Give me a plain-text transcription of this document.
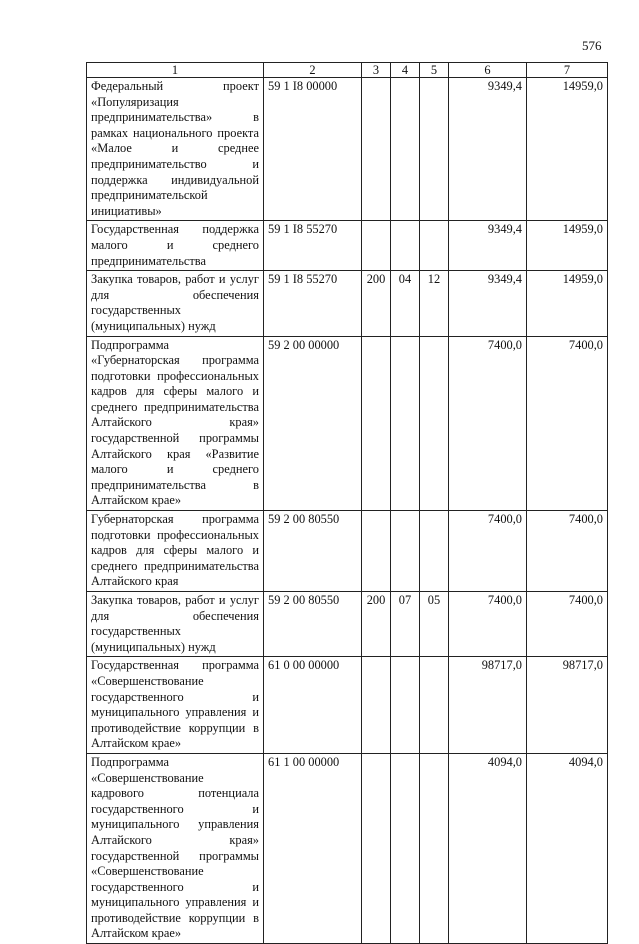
576
1	2	3	4	5	6	7
Федеральный проект «Популяризация предпринимательства» в рамках национального проекта «Малое и среднее предпринимательство и поддержка индивидуальной предпринимательской инициативы»	59 1 I8 00000				9349,4	14959,0
Государственная поддержка малого и среднего предпринимательства	59 1 I8 55270				9349,4	14959,0
Закупка товаров, работ и услуг для обеспечения государственных (муниципальных) нужд	59 1 I8 55270	200	04	12	9349,4	14959,0
Подпрограмма «Губернаторская программа подготовки профессиональных кадров для сферы малого и среднего предпринимательства Алтайского края» государственной программы Алтайского края «Развитие малого и среднего предпринимательства в Алтайском крае»	59 2 00 00000				7400,0	7400,0
Губернаторская программа подготовки профессиональных кадров для сферы малого и среднего предпринимательства Алтайского края	59 2 00 80550				7400,0	7400,0
Закупка товаров, работ и услуг для обеспечения государственных (муниципальных) нужд	59 2 00 80550	200	07	05	7400,0	7400,0
Государственная программа «Совершенствование государственного и муниципального управления и противодействие коррупции в Алтайском крае»	61 0 00 00000				98717,0	98717,0
Подпрограмма «Совершенствование кадрового потенциала государственного и муниципального управления Алтайского края» государственной программы «Совершенствование государственного и муниципального управления и противодействие коррупции в Алтайском крае»	61 1 00 00000				4094,0	4094,0
